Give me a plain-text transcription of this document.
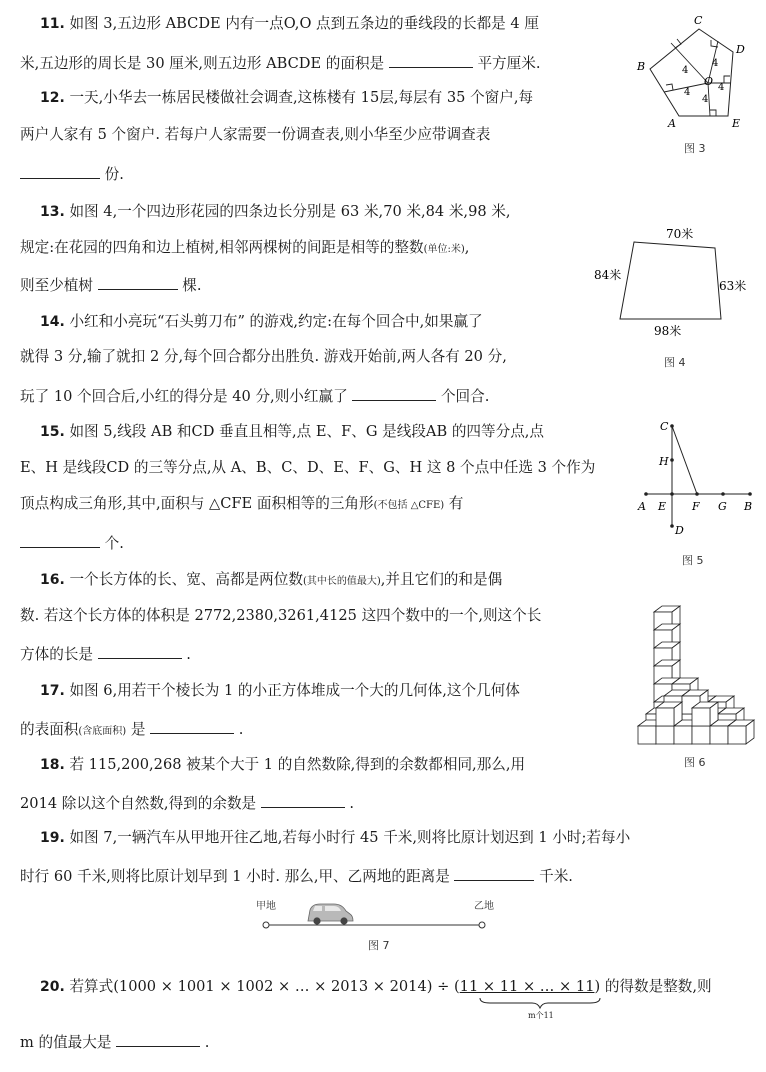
11. 如图 3,五边形 ABCDE 内有一点O,O 点到五条边的垂线段的长都是 4 厘
米,五边形的周长是 30 厘米,则五边形 ABCDE 的面积是	平方厘米.
12. 一天,小华去一栋居民楼做社会调查,这栋楼有 15层,每层有 35 个窗户,每
两户人家有 5 个窗户. 若每户人家需要一份调查表,则小华至少应带调查表
份.
13. 如图 4,一个四边形花园的四条边长分别是 63 米,70 米,84 米,98 米,
规定:在花园的四角和边上植树,相邻两棵树的间距是相等的整数(单位:米),
则至少植树	棵.
14. 小红和小亮玩“石头剪刀布” 的游戏,约定:在每个回合中,如果赢了
就得 3 分,输了就扣 2 分,每个回合都分出胜负. 游戏开始前,两人各有 20 分,
玩了 10 个回合后,小红的得分是 40 分,则小红赢了	个回合.
15. 如图 5,线段 AB 和CD 垂直且相等,点 E、F、G 是线段AB 的四等分点,点
E、H 是线段CD 的三等分点,从 A、B、C、D、E、F、G、H 这 8 个点中任选 3 个作为
顶点构成三角形,其中,面积与 △CFE 面积相等的三角形(不包括 △CFE) 有
个.
16. 一个长方体的长、宽、高都是两位数(其中长的值最大),并且它们的和是偶
数. 若这个长方体的体积是 2772,2380,3261,4125 这四个数中的一个,则这个长
方体的长是	.
17. 如图 6,用若干个棱长为 1 的小正方体堆成一个大的几何体,这个几何体
的表面积(含底面积) 是	.
18. 若 115,200,268 被某个大于 1 的自然数除,得到的余数都相同,那么,用
2014 除以这个自然数,得到的余数是	.
19. 如图 7,一辆汽车从甲地开往乙地,若每小时行 45 千米,则将比原计划迟到 1 小时;若每小
时行 60 千米,则将比原计划早到 1 小时. 那么,甲、乙两地的距离是	千米.
甲地	乙地
图 7
20. 若算式(1000 × 1001 × 1002 × … × 2013 × 2014) ÷ (11 × 11 × … × 11) 的得数是整数,则
m个11
m 的值最大是	.
C
D
E
A
B
O
4
4
4
4
4
图 3
70米
84米
63米
98米
图 4
A E F G B
C
H
D
图 5
图 6
